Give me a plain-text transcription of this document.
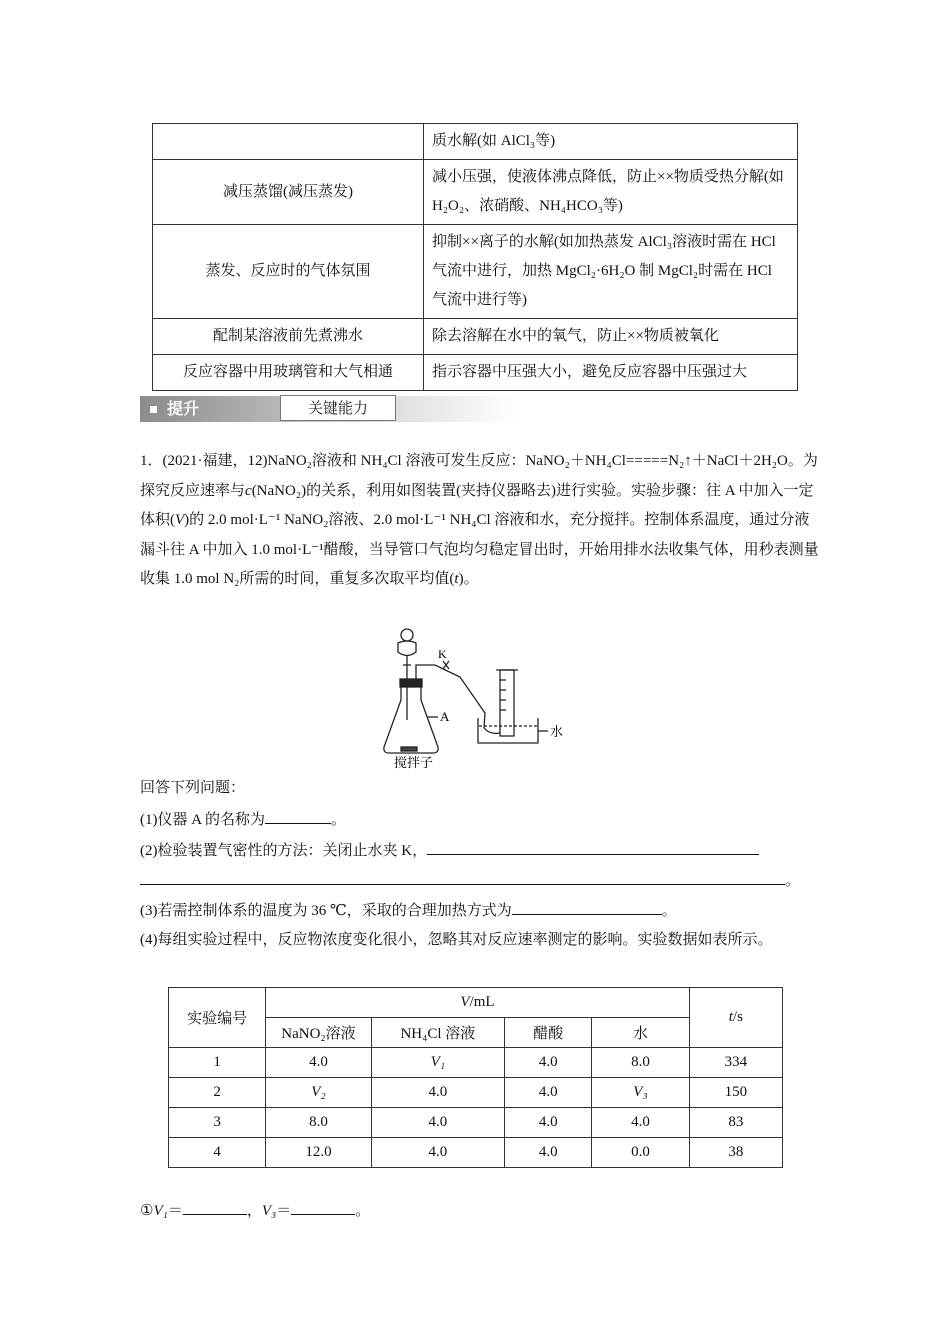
	质水解(如 AlCl₃等)
减压蒸馏(减压蒸发)	减小压强，使液体沸点降低，防止××物质受热分解(如 H₂O₂、浓硝酸、NH₄HCO₃等)
蒸发、反应时的气体氛围	抑制××离子的水解(如加热蒸发 AlCl₃溶液时需在 HCl 气流中进行，加热 MgCl₂·6H₂O 制 MgCl₂时需在 HCl 气流中进行等)
配制某溶液前先煮沸水	除去溶解在水中的氧气，防止××物质被氧化
反应容器中用玻璃管和大气相通	指示容器中压强大小，避免反应容器中压强过大
提升	关键能力
1．(2021·福建，12)NaNO₂溶液和 NH₄Cl 溶液可发生反应：NaNO₂＋NH₄Cl=====N₂↑＋NaCl＋2H₂O。为探究反应速率与c(NaNO₂)的关系，利用如图装置(夹持仪器略去)进行实验。实验步骤：往 A 中加入一定体积(V)的 2.0 mol·L⁻¹ NaNO₂溶液、2.0 mol·L⁻¹ NH₄Cl 溶液和水，充分搅拌。控制体系温度，通过分液漏斗往 A 中加入 1.0 mol·L⁻¹醋酸，当导管口气泡均匀稳定冒出时，开始用排水法收集气体，用秒表测量收集 1.0 mol N₂所需的时间，重复多次取平均值(t)。
K
A
水
搅拌子
回答下列问题：
(1)仪器 A 的名称为	。
(2)检验装置气密性的方法：关闭止水夹 K，
。
(3)若需控制体系的温度为 36 ℃，采取的合理加热方式为	。
(4)每组实验过程中，反应物浓度变化很小，忽略其对反应速率测定的影响。实验数据如表所示。
实验编号	V/mL				t/s
	NaNO₂溶液	NH₄Cl 溶液	醋酸	水	
1	4.0	V₁	4.0	8.0	334
2	V₂	4.0	4.0	V₃	150
3	8.0	4.0	4.0	4.0	83
4	12.0	4.0	4.0	0.0	38
①V₁＝	，V₃＝	。
